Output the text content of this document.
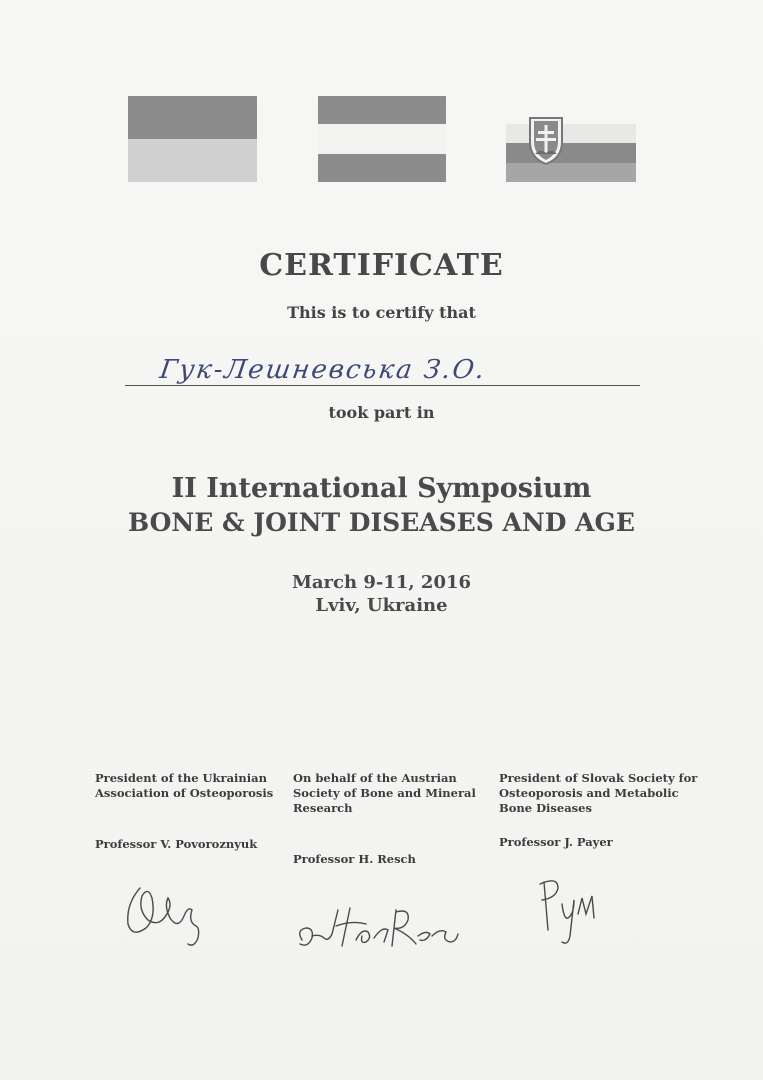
CERTIFICATE
This is to certify that
Гук-Лешневська З.О.
took part in
II International Symposium
BONE & JOINT DISEASES AND AGE
March 9-11, 2016
Lviv, Ukraine
President of the Ukrainian
Association of Osteoporosis
Professor V. Povoroznyuk
On behalf of the Austrian
Society of Bone and Mineral
Research
Professor H. Resch
President of Slovak Society for
Osteoporosis and Metabolic
Bone Diseases
Professor J. Payer
